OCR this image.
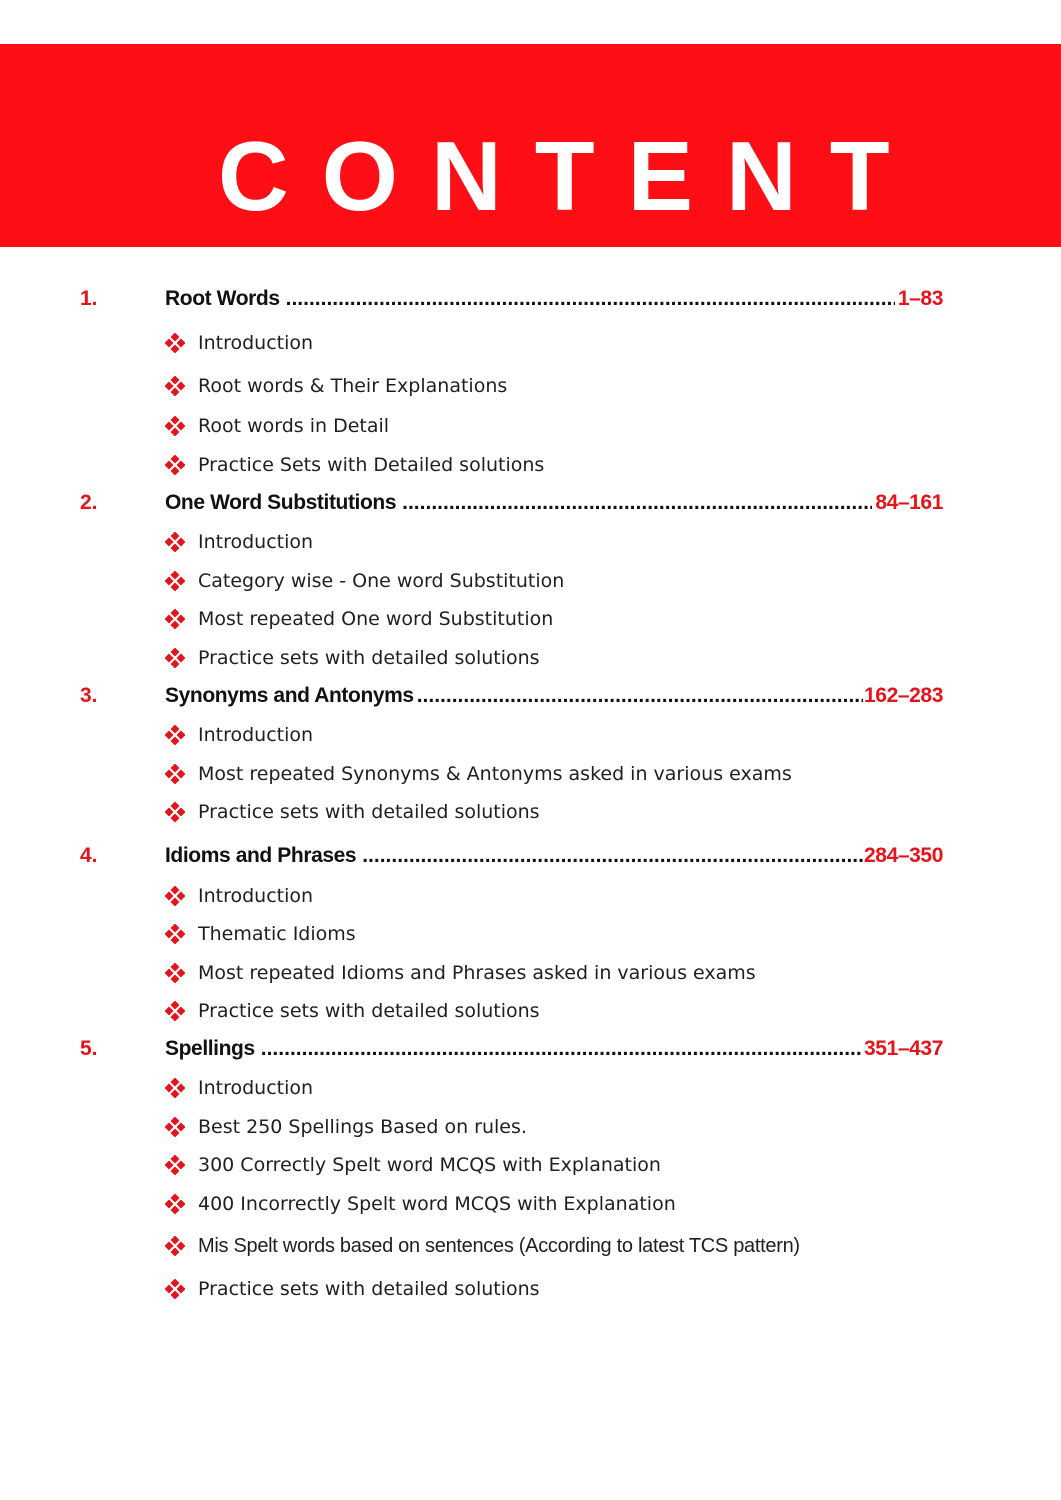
CONTENT
1.	Root Words .....	1–83
Introduction
Root words & Their Explanations
Root words in Detail
Practice Sets with Detailed solutions
2.	One Word Substitutions .....	84–161
Introduction
Category wise - One word Substitution
Most repeated One word Substitution
Practice sets with detailed solutions
3.	Synonyms and Antonyms .....	162–283
Introduction
Most repeated Synonyms & Antonyms asked in various exams
Practice sets with detailed solutions
4.	Idioms and Phrases .....	284–350
Introduction
Thematic Idioms
Most repeated Idioms and Phrases asked in various exams
Practice sets with detailed solutions
5.	Spellings .....	351–437
Introduction
Best 250 Spellings Based on rules.
300 Correctly Spelt word MCQS with Explanation
400 Incorrectly Spelt word MCQS with Explanation
Mis Spelt words based on sentences (According to latest TCS pattern)
Practice sets with detailed solutions
